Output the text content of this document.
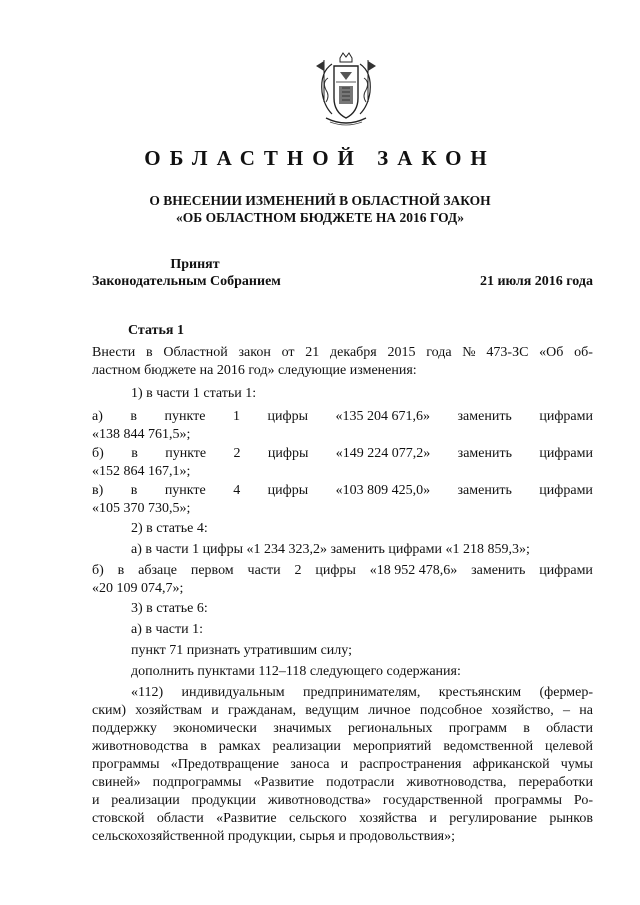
ОБЛАСТНОЙ ЗАКОН
О ВНЕСЕНИИ ИЗМЕНЕНИЙ В ОБЛАСТНОЙ ЗАКОН
«ОБ ОБЛАСТНОМ БЮДЖЕТЕ НА 2016 ГОД»
Принят
Законодательным Собранием	21 июля 2016 года
Статья 1
Внести в Областной закон от 21 декабря 2015 года № 473-ЗС «Об об-
ластном бюджете на 2016 год» следующие изменения:
1) в части 1 статьи 1:
а) в пункте 1 цифры «135 204 671,6» заменить цифрами
«138 844 761,5»;
б) в пункте 2 цифры «149 224 077,2» заменить цифрами
«152 864 167,1»;
в) в пункте 4 цифры «103 809 425,0» заменить цифрами
«105 370 730,5»;
2) в статье 4:
а) в части 1 цифры «1 234 323,2» заменить цифрами «1 218 859,3»;
б) в абзаце первом части 2 цифры «18 952 478,6» заменить цифрами
«20 109 074,7»;
3) в статье 6:
а) в части 1:
пункт 71 признать утратившим силу;
дополнить пунктами 112–118 следующего содержания:
«112) индивидуальным предпринимателям, крестьянским (фермер-
ским) хозяйствам и гражданам, ведущим личное подсобное хозяйство, – на
поддержку экономически значимых региональных программ в области
животноводства в рамках реализации мероприятий ведомственной целевой
программы «Предотвращение заноса и распространения африканской чумы
свиней» подпрограммы «Развитие подотрасли животноводства, переработки
и реализации продукции животноводства» государственной программы Ро-
стовской области «Развитие сельского хозяйства и регулирование рынков
сельскохозяйственной продукции, сырья и продовольствия»;
